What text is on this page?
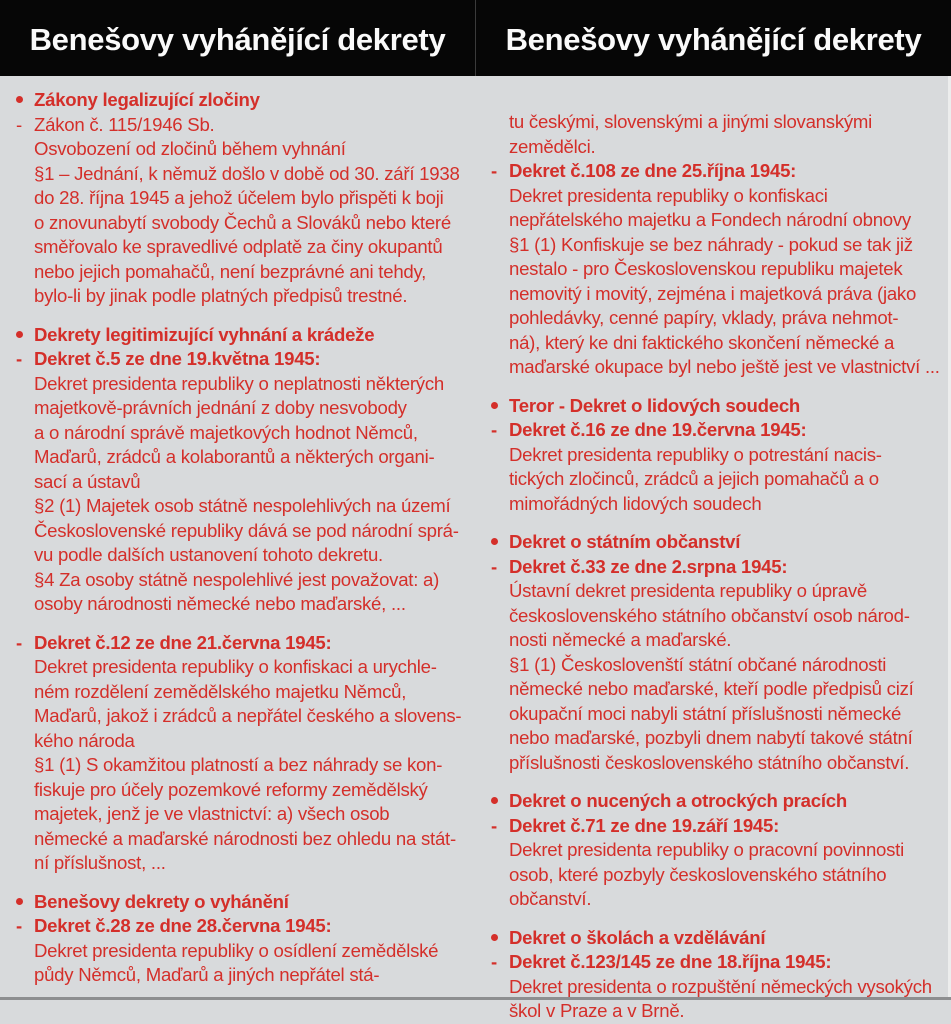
Benešovy vyhánějící dekrety	Benešovy vyhánějící dekrety
Zákony legalizující zločiny
- Zákon č. 115/1946 Sb.
Osvobození od zločinů během vyhnání
§1 – Jednání, k němuž došlo v době od 30. září 1938
do 28. října 1945 a jehož účelem bylo přispěti k boji
o znovunabytí svobody Čechů a Slováků nebo které
směřovalo ke spravedlivé odplatě za činy okupantů
nebo jejich pomahačů, není bezprávné ani tehdy,
bylo-li by jinak podle platných předpisů trestné.
Dekrety legitimizující vyhnání a krádeže
- Dekret č.5 ze dne 19.května 1945:
Dekret presidenta republiky o neplatnosti některých
majetkově-právních jednání z doby nesvobody
a o národní správě majetkových hodnot Němců,
Maďarů, zrádců a kolaborantů a některých organi-
sací a ústavů
§2 (1) Majetek osob státně nespolehlivých na území
Československé republiky dává se pod národní sprá-
vu podle dalších ustanovení tohoto dekretu.
§4 Za osoby státně nespolehlivé jest považovat: a)
osoby národnosti německé nebo maďarské, ...
- Dekret č.12 ze dne 21.června 1945:
Dekret presidenta republiky o konfiskaci a urychle-
ném rozdělení zemědělského majetku Němců,
Maďarů, jakož i zrádců a nepřátel českého a slovens-
kého národa
§1 (1) S okamžitou platností a bez náhrady se kon-
fiskuje pro účely pozemkové reformy zemědělský
majetek, jenž je ve vlastnictví: a) všech osob
německé a maďarské národnosti bez ohledu na stát-
ní příslušnost, ...
Benešovy dekrety o vyhánění
- Dekret č.28 ze dne 28.června 1945:
Dekret presidenta republiky o osídlení zemědělské
půdy Němců, Maďarů a jiných nepřátel stá-
tu českými, slovenskými a jinými slovanskými
zemědělci.
- Dekret č.108 ze dne 25.října 1945:
Dekret presidenta republiky o konfiskaci
nepřátelského majetku a Fondech národní obnovy
§1 (1) Konfiskuje se bez náhrady - pokud se tak již
nestalo - pro Československou republiku majetek
nemovitý i movitý, zejména i majetková práva (jako
pohledávky, cenné papíry, vklady, práva nehmot-
ná), který ke dni faktického skončení německé a
maďarské okupace byl nebo ještě jest ve vlastnictví ...
Teror - Dekret o lidových soudech
- Dekret č.16 ze dne 19.června 1945:
Dekret presidenta republiky o potrestání nacis-
tických zločinců, zrádců a jejich pomahačů a o
mimořádných lidových soudech
Dekret o státním občanství
- Dekret č.33 ze dne 2.srpna 1945:
Ústavní dekret presidenta republiky o úpravě
československého státního občanství osob národ-
nosti německé a maďarské.
§1 (1) Českoslovenští státní občané národnosti
německé nebo maďarské, kteří podle předpisů cizí
okupační moci nabyli státní příslušnosti německé
nebo maďarské, pozbyli dnem nabytí takové státní
příslušnosti československého státního občanství.
Dekret o nucených a otrockých pracích
- Dekret č.71 ze dne 19.září 1945:
Dekret presidenta republiky o pracovní povinnosti
osob, které pozbyly československého státního
občanství.
Dekret o školách a vzdělávání
- Dekret č.123/145 ze dne 18.října 1945:
Dekret presidenta o rozpuštění německých vysokých
škol v Praze a v Brně.
